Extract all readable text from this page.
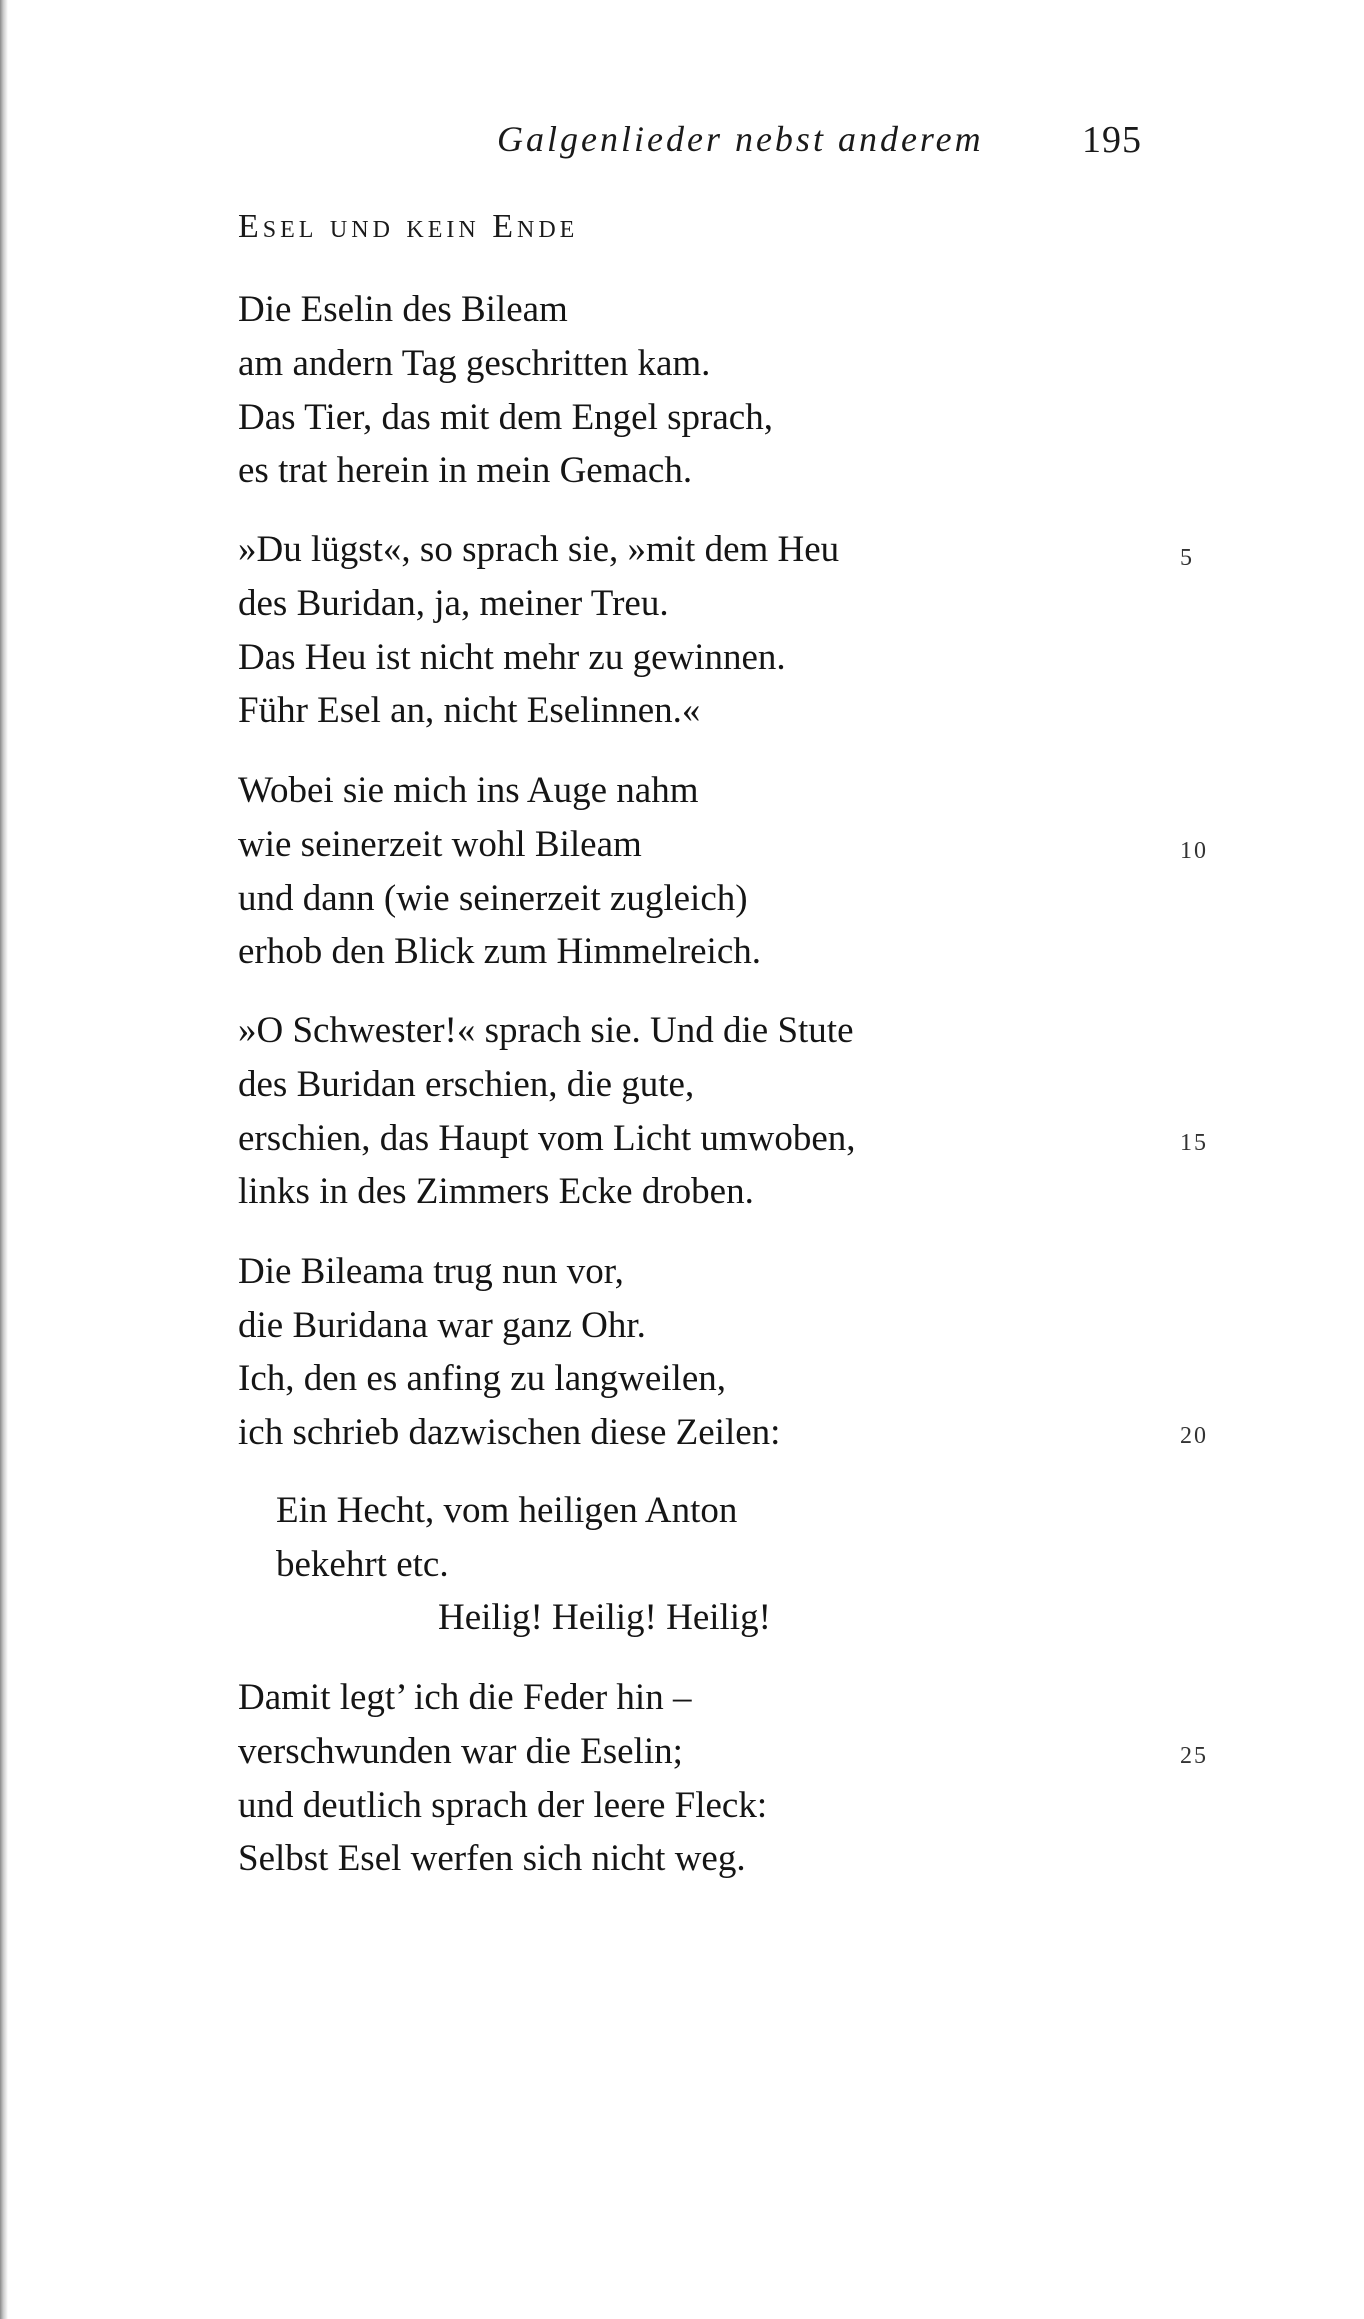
Galgenlieder nebst anderem	195
Esel und kein Ende
Die Eselin des Bileam
am andern Tag geschritten kam.
Das Tier, das mit dem Engel sprach,
es trat herein in mein Gemach.
»Du lügst«, so sprach sie, »mit dem Heu	5
des Buridan, ja, meiner Treu.
Das Heu ist nicht mehr zu gewinnen.
Führ Esel an, nicht Eselinnen.«
Wobei sie mich ins Auge nahm
wie seinerzeit wohl Bileam	10
und dann (wie seinerzeit zugleich)
erhob den Blick zum Himmelreich.
»O Schwester!« sprach sie. Und die Stute
des Buridan erschien, die gute,
erschien, das Haupt vom Licht umwoben,	15
links in des Zimmers Ecke droben.
Die Bileama trug nun vor,
die Buridana war ganz Ohr.
Ich, den es anfing zu langweilen,
ich schrieb dazwischen diese Zeilen:	20
Ein Hecht, vom heiligen Anton
bekehrt etc.
Heilig! Heilig! Heilig!
Damit legt’ ich die Feder hin –
verschwunden war die Eselin;	25
und deutlich sprach der leere Fleck:
Selbst Esel werfen sich nicht weg.
